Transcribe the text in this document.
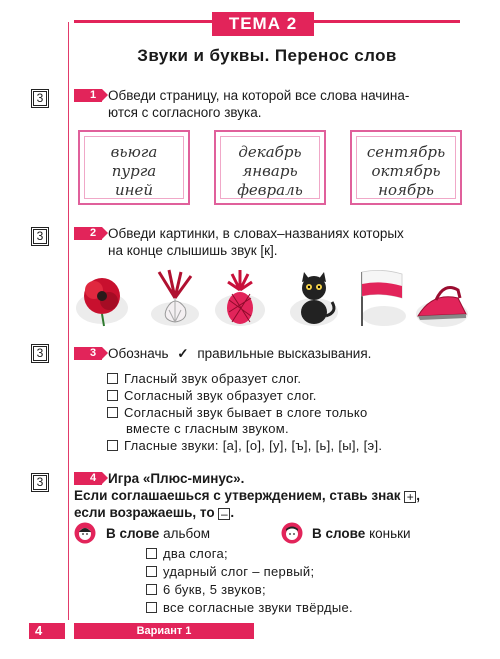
ТЕМА 2
Звуки и буквы. Перенос слов
3
3
3
3
1 Обведи страницу, на которой все слова начина-
ются с согласного звука.
вьюга
пурга
иней
декабрь
январь
февраль
сентябрь
октябрь
ноябрь
2 Обведи картинки, в словах–названиях которых
на конце слышишь звук [к].
3 Обозначь ✓ правильные высказывания.
Гласный звук образует слог.
Согласный звук образует слог.
Согласный звук бывает в слоге только
вместе с гласным звуком.
Гласные звуки: [а], [о], [у], [ъ], [ь], [ы], [э].
4 Игра «Плюс-минус».
Если соглашаешься с утверждением, ставь знак + ,
если возражаешь, то – .
В слове альбом	В слове коньки
два слога;
ударный слог – первый;
6 букв, 5 звуков;
все согласные звуки твёрдые.
4	Вариант 1
